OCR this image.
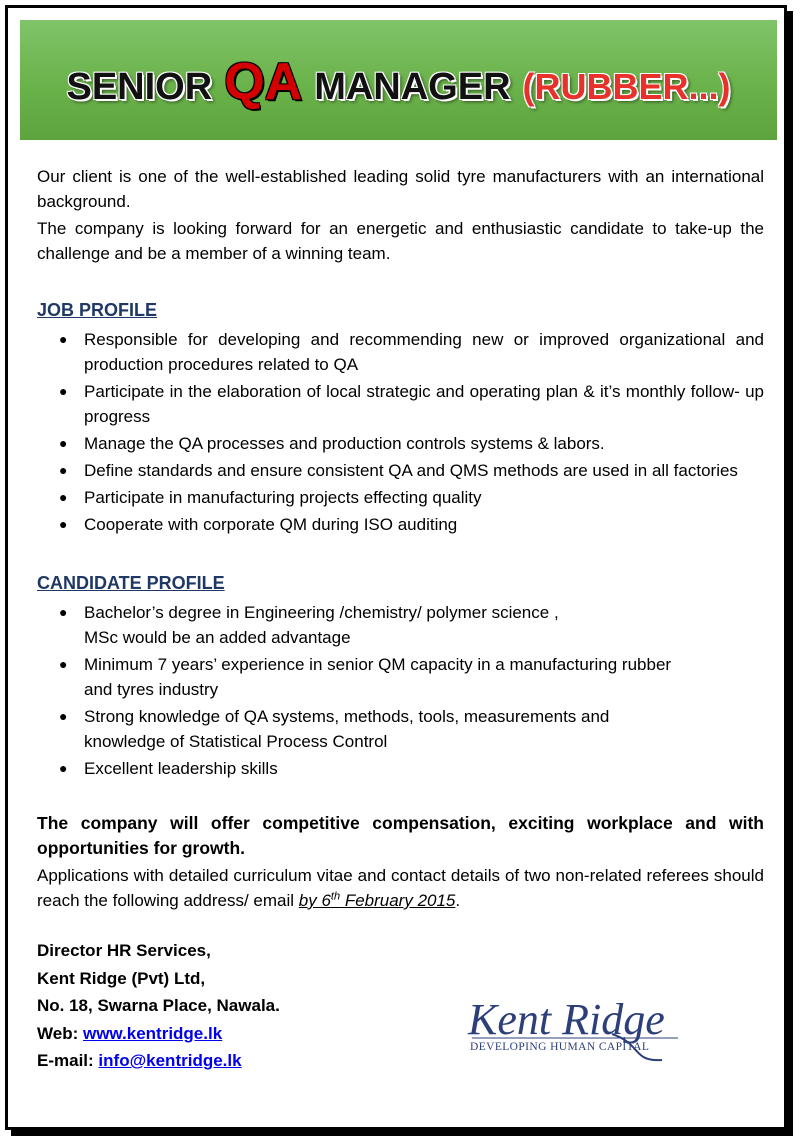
SENIOR QA MANAGER (RUBBER...)

Our client is one of the well-established leading solid tyre manufacturers with an international background.

The company is looking forward for an energetic and enthusiastic candidate to take-up the challenge and be a member of a winning team.

JOB PROFILE

● Responsible for developing and recommending new or improved organizational and production procedures related to QA
● Participate in the elaboration of local strategic and operating plan & it’s monthly follow- up progress
● Manage the QA processes and production controls systems & labors.
● Define standards and ensure consistent QA and QMS methods are used in all factories
● Participate in manufacturing projects effecting quality
● Cooperate with corporate QM during ISO auditing

CANDIDATE PROFILE

● Bachelor’s degree in Engineering /chemistry/ polymer science ,
MSc would be an added advantage
● Minimum 7 years’ experience in senior QM capacity in a manufacturing rubber
and tyres industry
● Strong knowledge of QA systems, methods, tools, measurements and
knowledge of Statistical Process Control
● Excellent leadership skills

The company will offer competitive compensation, exciting workplace and with opportunities for growth.

Applications with detailed curriculum vitae and contact details of two non-related referees should reach the following address/ email by 6th February 2015.

Director HR Services,
Kent Ridge (Pvt) Ltd,
No. 18, Swarna Place, Nawala.
Web: www.kentridge.lk
E-mail: info@kentridge.lk
Kent Ridge
DEVELOPING HUMAN CAPITAL
